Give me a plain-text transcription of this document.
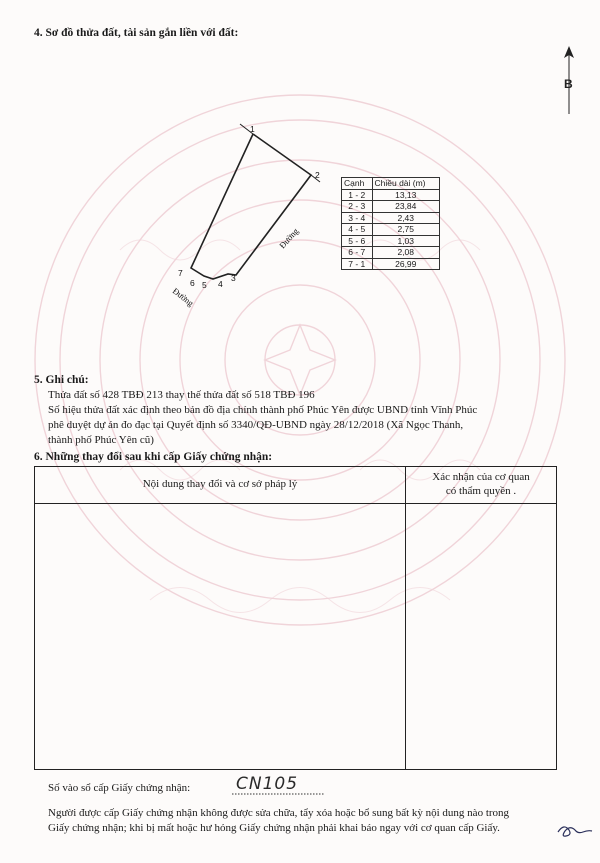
4. Sơ đồ thửa đất, tài sản gắn liền với đất:
B
1
2
3
4
5
6
7
Đường
Đường
Cạnh	Chiều dài (m)
1 - 2	13,13
2 - 3	23,84
3 - 4	2,43
4 - 5	2,75
5 - 6	1,03
6 - 7	2,08
7 - 1	26,99
5. Ghi chú:
Thửa đất số 428 TBĐ 213 thay thế thửa đất số 518 TBĐ 196
Số hiệu thửa đất xác định theo bản đồ địa chính thành phố Phúc Yên được UBND tỉnh Vĩnh Phúc
phê duyệt dự án đo đạc tại Quyết định số 3340/QĐ-UBND ngày 28/12/2018 (Xã Ngọc Thanh,
thành phố Phúc Yên cũ)
6. Những thay đổi sau khi cấp Giấy chứng nhận:
Nội dung thay đổi và cơ sở pháp lý
Xác nhận của cơ quan
có thẩm quyền .
Số vào sổ cấp Giấy chứng nhận:	CN105
Người được cấp Giấy chứng nhận không được sửa chữa, tẩy xóa hoặc bổ sung bất kỳ nội dung nào trong
Giấy chứng nhận; khi bị mất hoặc hư hỏng Giấy chứng nhận phải khai báo ngay với cơ quan cấp Giấy.
